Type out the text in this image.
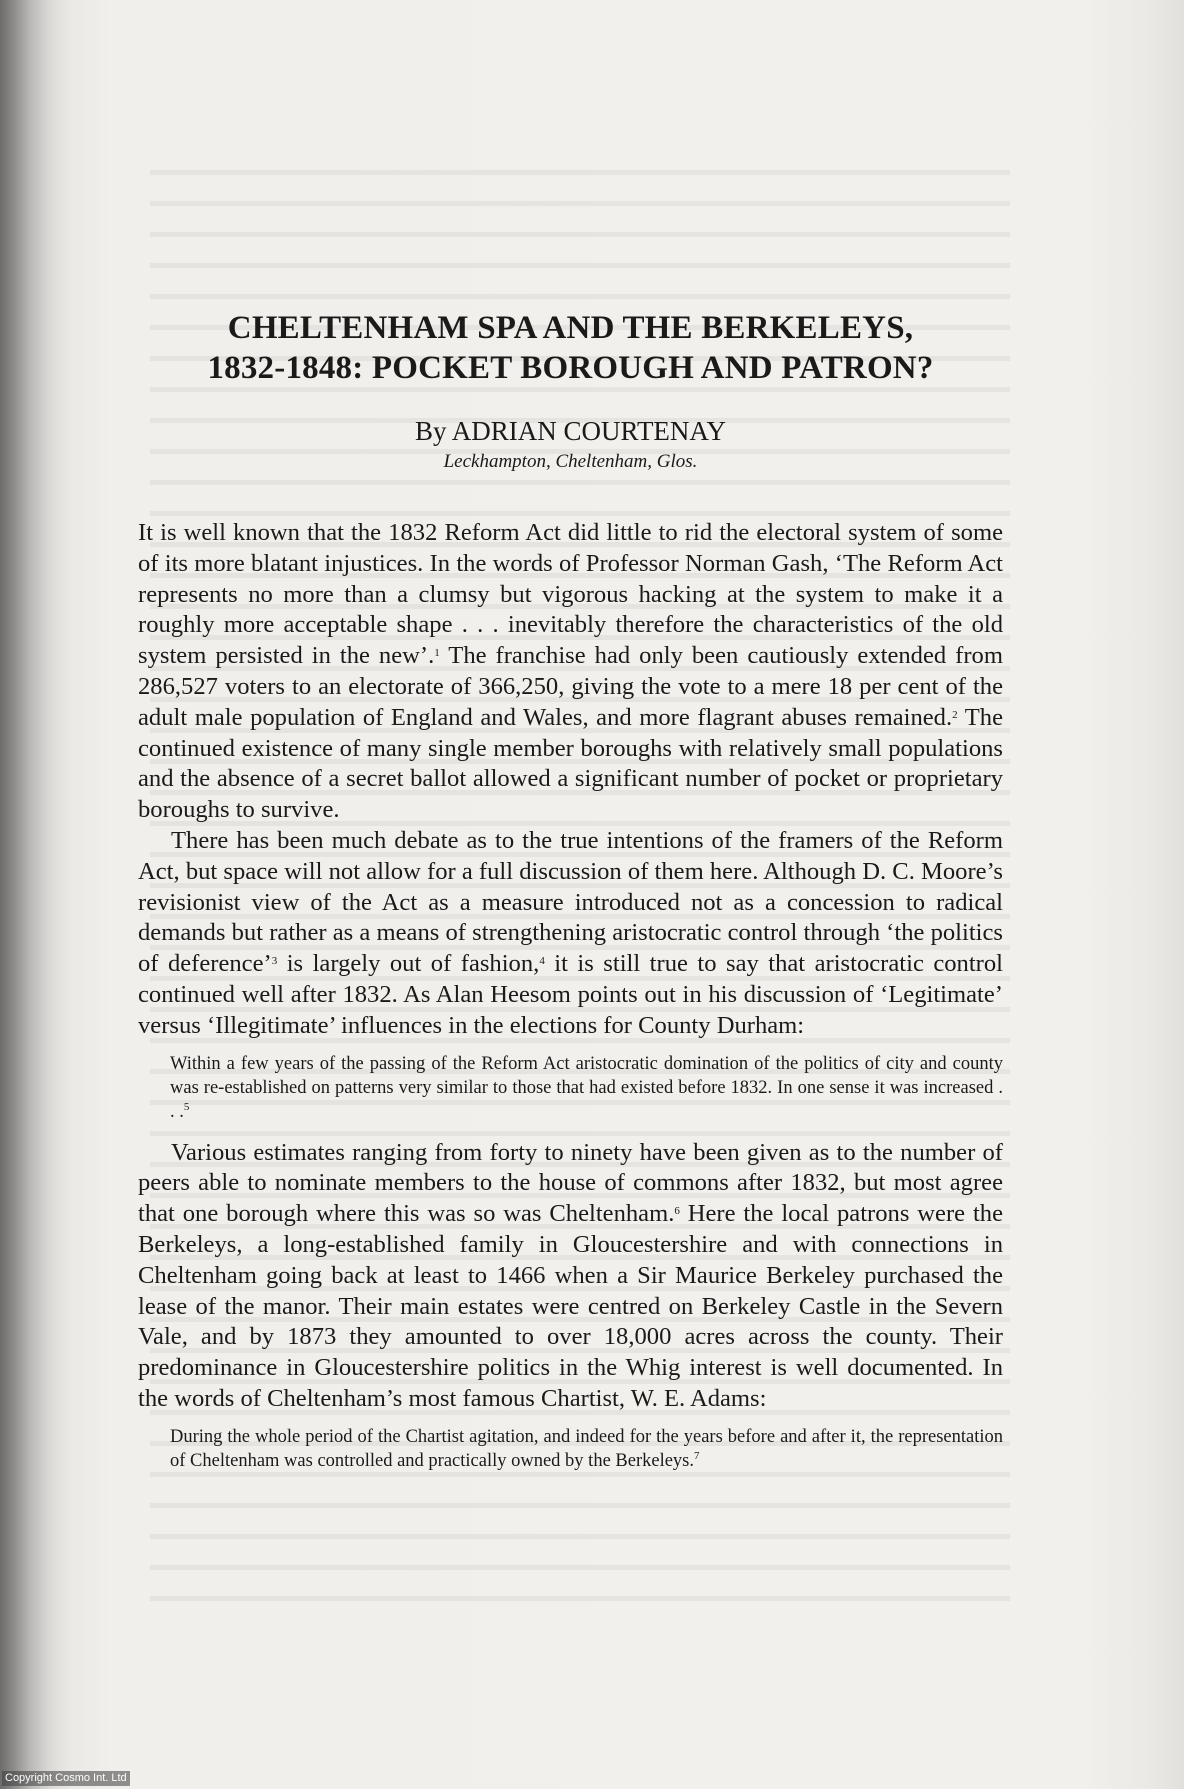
CHELTENHAM SPA AND THE BERKELEYS,
1832-1848: POCKET BOROUGH AND PATRON?
By ADRIAN COURTENAY
Leckhampton, Cheltenham, Glos.

It is well known that the 1832 Reform Act did little to rid the electoral system of some of its more blatant injustices. In the words of Professor Norman Gash, ‘The Reform Act represents no more than a clumsy but vigorous hacking at the system to make it a roughly more acceptable shape . . . inevitably therefore the characteristics of the old system persisted in the new’.$^1$ The franchise had only been cautiously extended from 286,527 voters to an electorate of 366,250, giving the vote to a mere 18 per cent of the adult male population of England and Wales, and more flagrant abuses remained.$^2$ The continued existence of many single member boroughs with relatively small populations and the absence of a secret ballot allowed a significant number of pocket or proprietary boroughs to survive.

There has been much debate as to the true intentions of the framers of the Reform Act, but space will not allow for a full discussion of them here. Although D. C. Moore’s revisionist view of the Act as a measure introduced not as a concession to radical demands but rather as a means of strengthening aristocratic control through ‘the politics of deference’$^3$ is largely out of fashion,$^4$ it is still true to say that aristocratic control continued well after 1832. As Alan Heesom points out in his discussion of ‘Legitimate’ versus ‘Illegitimate’ influences in the elections for County Durham:

Within a few years of the passing of the Reform Act aristocratic domination of the politics of city and county was re-established on patterns very similar to those that had existed before 1832. In one sense it was increased . . .$^5$

Various estimates ranging from forty to ninety have been given as to the number of peers able to nominate members to the house of commons after 1832, but most agree that one borough where this was so was Cheltenham.$^6$ Here the local patrons were the Berkeleys, a long-established family in Gloucestershire and with connections in Cheltenham going back at least to 1466 when a Sir Maurice Berkeley purchased the lease of the manor. Their main estates were centred on Berkeley Castle in the Severn Vale, and by 1873 they amounted to over 18,000 acres across the county. Their predominance in Gloucestershire politics in the Whig interest is well documented. In the words of Cheltenham’s most famous Chartist, W. E. Adams:

During the whole period of the Chartist agitation, and indeed for the years before and after it, the representation of Cheltenham was controlled and practically owned by the Berkeleys.$^7$
Copyright Cosmo Int. Ltd
